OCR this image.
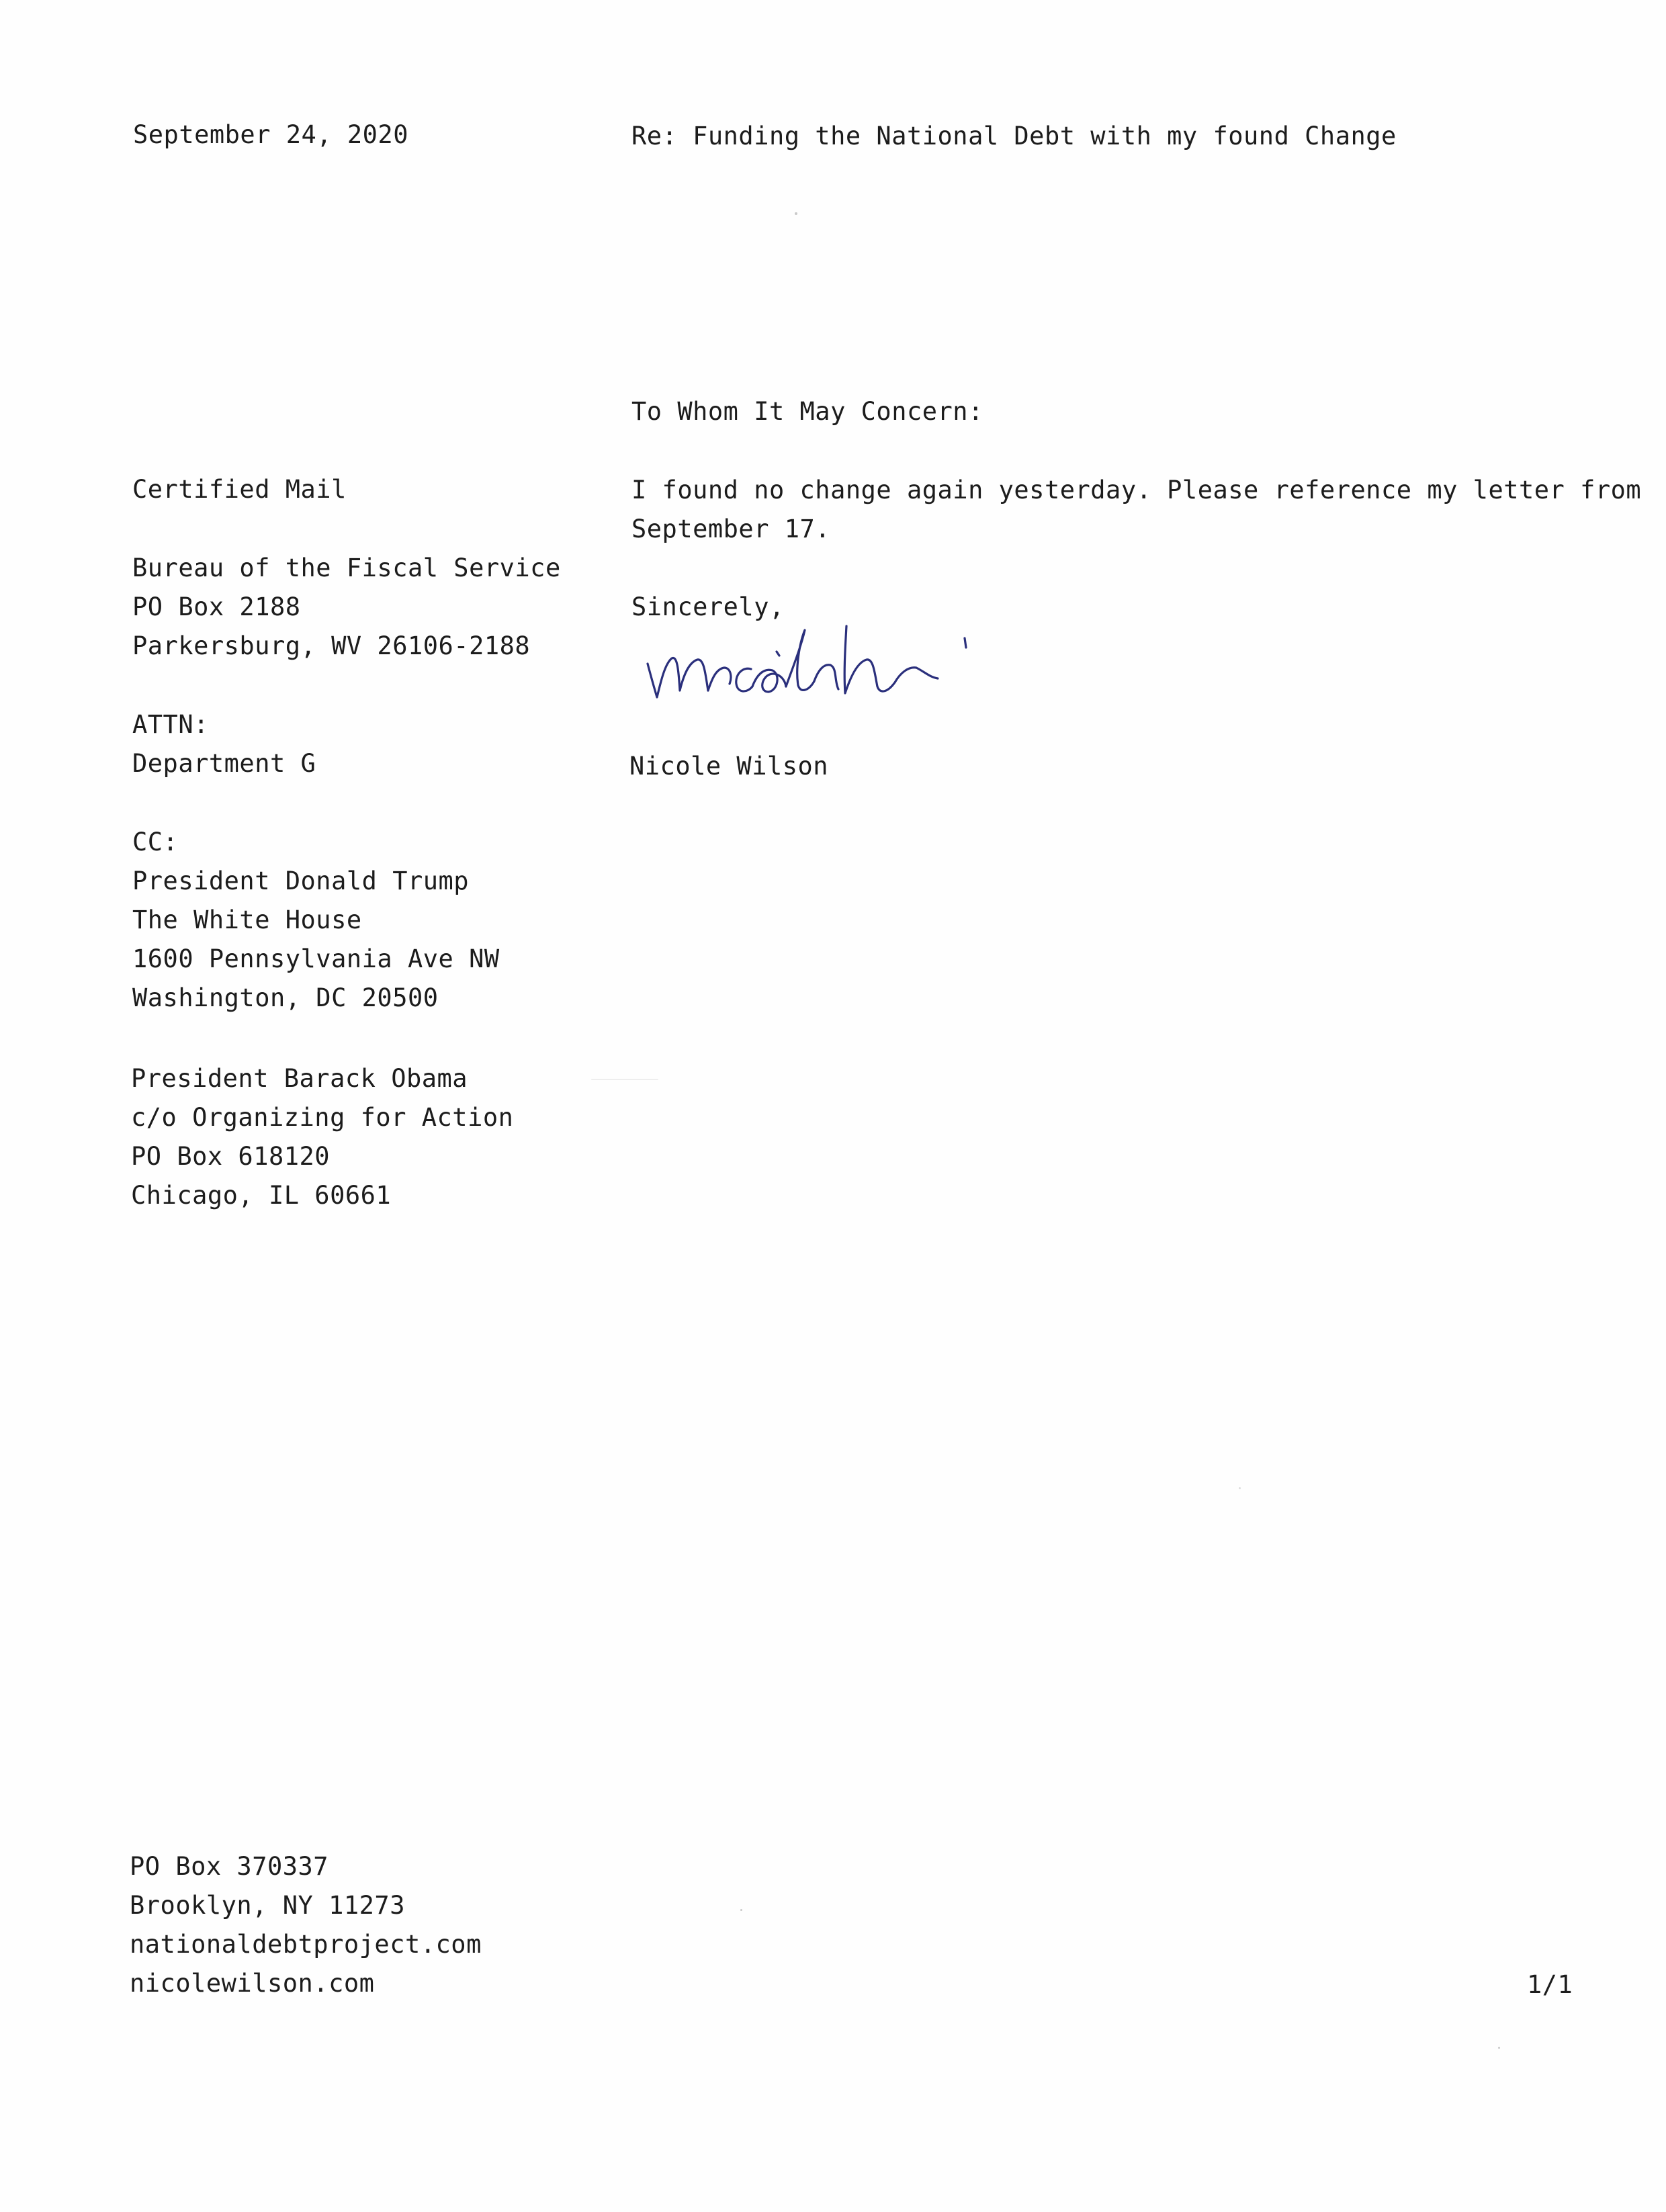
September 24, 2020	Re: Funding the National Debt with my found Change
To Whom It May Concern:
I found no change again yesterday. Please reference my letter from
September 17.
Sincerely,
Nicole Wilson
Certified Mail
Bureau of the Fiscal Service
PO Box 2188
Parkersburg, WV 26106-2188
ATTN:
Department G
CC:
President Donald Trump
The White House
1600 Pennsylvania Ave NW
Washington, DC 20500
President Barack Obama
c/o Organizing for Action
PO Box 618120
Chicago, IL 60661
PO Box 370337
Brooklyn, NY 11273
nationaldebtproject.com
nicolewilson.com	1/1
